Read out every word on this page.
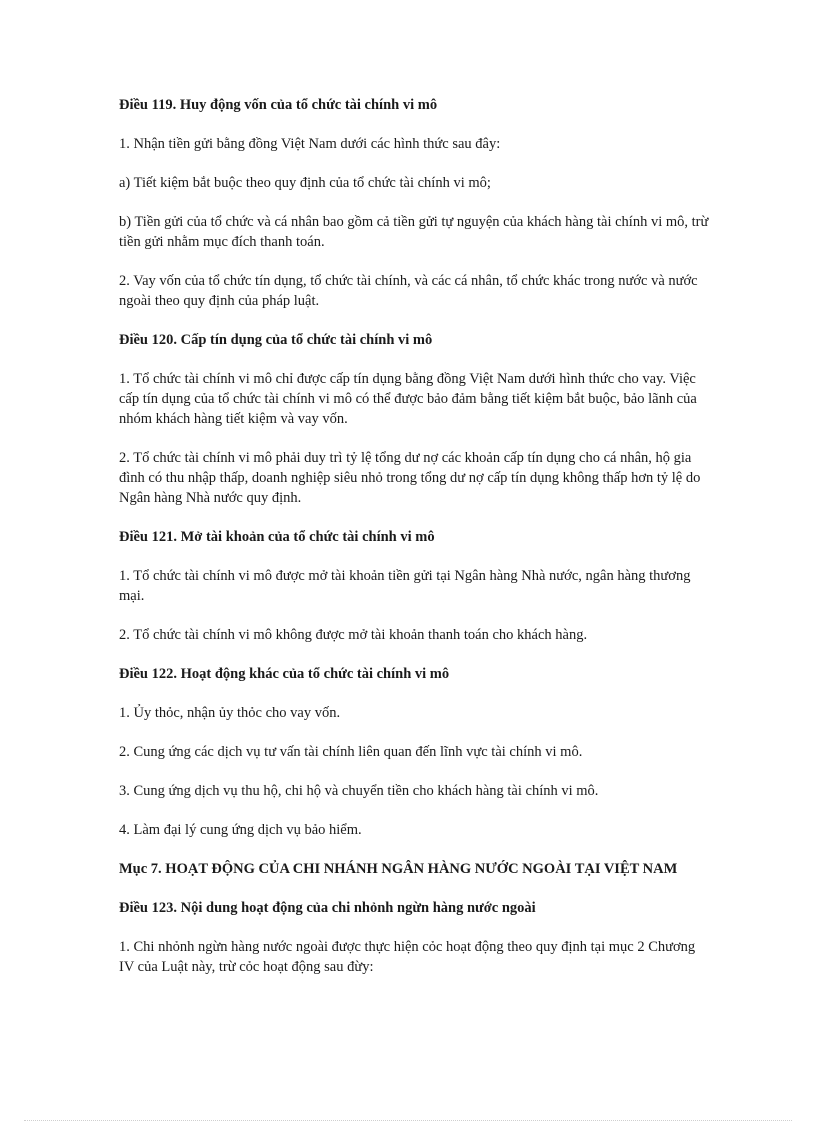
Điều 119. Huy động vốn của tổ chức tài chính vi mô

1. Nhận tiền gửi bằng đồng Việt Nam dưới các hình thức sau đây:

a) Tiết kiệm bắt buộc theo quy định của tổ chức tài chính vi mô;

b) Tiền gửi của tổ chức và cá nhân bao gồm cả tiền gửi tự nguyện của khách hàng tài chính vi mô, trừ tiền gửi nhằm mục đích thanh toán.

2. Vay vốn của tổ chức tín dụng, tổ chức tài chính, và các cá nhân, tổ chức khác trong nước và nước ngoài theo quy định của pháp luật.

Điều 120. Cấp tín dụng của tổ chức tài chính vi mô

1. Tổ chức tài chính vi mô chỉ được cấp tín dụng bằng đồng Việt Nam dưới hình thức cho vay. Việc cấp tín dụng của tổ chức tài chính vi mô có thể được bảo đảm bằng tiết kiệm bắt buộc, bảo lãnh của nhóm khách hàng tiết kiệm và vay vốn.

2. Tổ chức tài chính vi mô phải duy trì tỷ lệ tổng dư nợ các khoản cấp tín dụng cho cá nhân, hộ gia đình có thu nhập thấp, doanh nghiệp siêu nhỏ trong tổng dư nợ cấp tín dụng không thấp hơn tỷ lệ do Ngân hàng Nhà nước quy định.

Điều 121. Mở tài khoản của tổ chức tài chính vi mô

1. Tổ chức tài chính vi mô được mở tài khoản tiền gửi tại Ngân hàng Nhà nước, ngân hàng thương mại.

2. Tổ chức tài chính vi mô không được mở tài khoản thanh toán cho khách hàng.

Điều 122. Hoạt động khác của tổ chức tài chính vi mô

1. Ủy thỏc, nhận ủy thỏc cho vay vốn.

2. Cung ứng các dịch vụ tư vấn tài chính liên quan đến lĩnh vực tài chính vi mô.

3. Cung ứng dịch vụ thu hộ, chi hộ và chuyển tiền cho khách hàng tài chính vi mô.

4. Làm đại lý cung ứng dịch vụ bảo hiểm.

Mục 7. HOẠT ĐỘNG CỦA CHI NHÁNH NGÂN HÀNG NƯỚC NGOÀI TẠI VIỆT NAM

Điều 123. Nội dung hoạt động của chi nhỏnh ngừn hàng nước ngoài

1. Chi nhỏnh ngừn hàng nước ngoài được thực hiện cỏc hoạt động theo quy định tại mục 2 Chương IV của Luật này, trừ cỏc hoạt động sau đừy:
